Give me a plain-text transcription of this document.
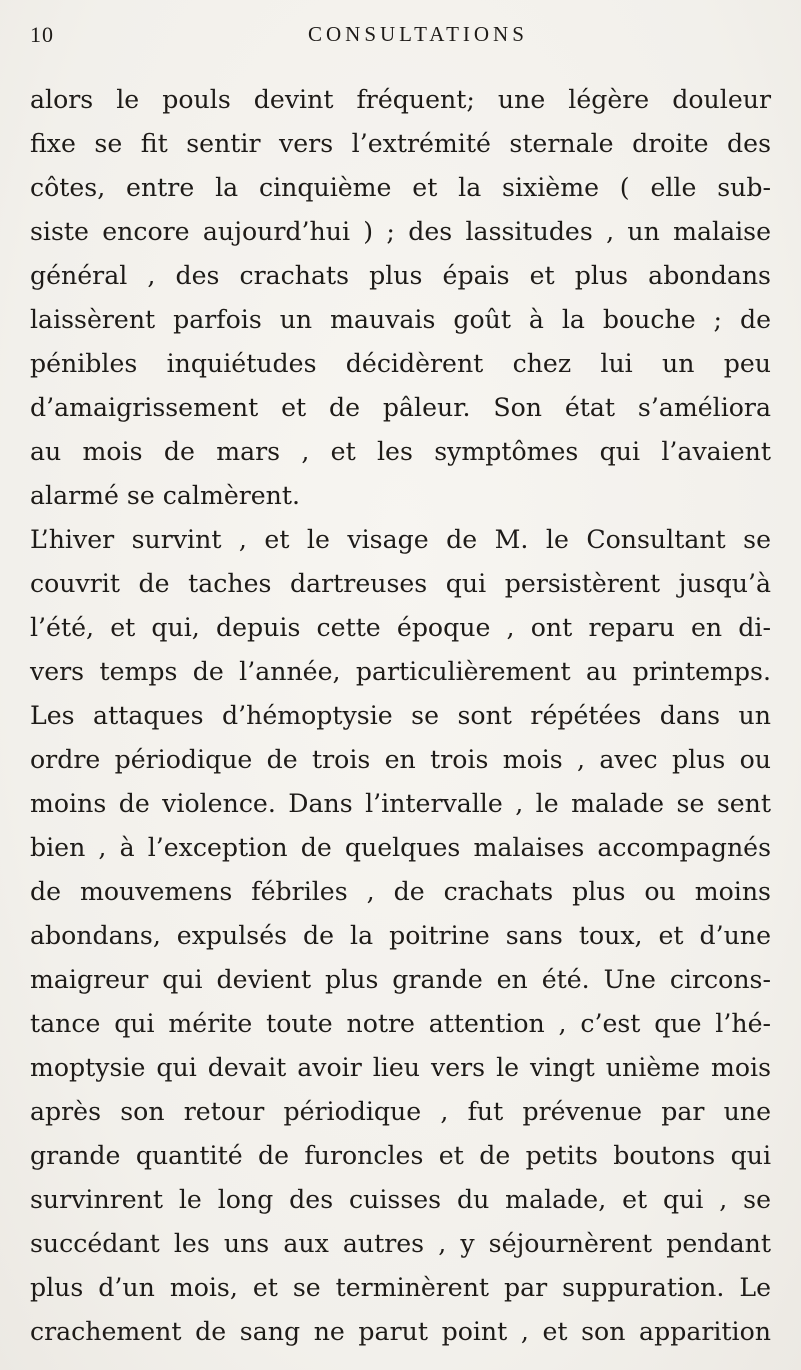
10	CONSULTATIONS
alors le pouls devint fréquent; une légère douleur
fixe se fit sentir vers l’extrémité sternale droite des
côtes, entre la cinquième et la sixième ( elle sub-
siste encore aujourd’hui ) ; des lassitudes , un malaise
général , des crachats plus épais et plus abondans
laissèrent parfois un mauvais goût à la bouche ; de
pénibles inquiétudes décidèrent chez lui un peu
d’amaigrissement et de pâleur. Son état s’améliora
au mois de mars , et les symptômes qui l’avaient
alarmé se calmèrent.
L’hiver survint , et le visage de M. le Consultant se
couvrit de taches dartreuses qui persistèrent jusqu’à
l’été, et qui, depuis cette époque , ont reparu en di-
vers temps de l’année, particulièrement au printemps.
Les attaques d’hémoptysie se sont répétées dans un
ordre périodique de trois en trois mois , avec plus ou
moins de violence. Dans l’intervalle , le malade se sent
bien , à l’exception de quelques malaises accompagnés
de mouvemens fébriles , de crachats plus ou moins
abondans, expulsés de la poitrine sans toux, et d’une
maigreur qui devient plus grande en été. Une circons-
tance qui mérite toute notre attention , c’est que l’hé-
moptysie qui devait avoir lieu vers le vingt unième mois
après son retour périodique , fut prévenue par une
grande quantité de furoncles et de petits boutons qui
survinrent le long des cuisses du malade, et qui , se
succédant les uns aux autres , y séjournèrent pendant
plus d’un mois, et se terminèrent par suppuration. Le
crachement de sang ne parut point , et son apparition
